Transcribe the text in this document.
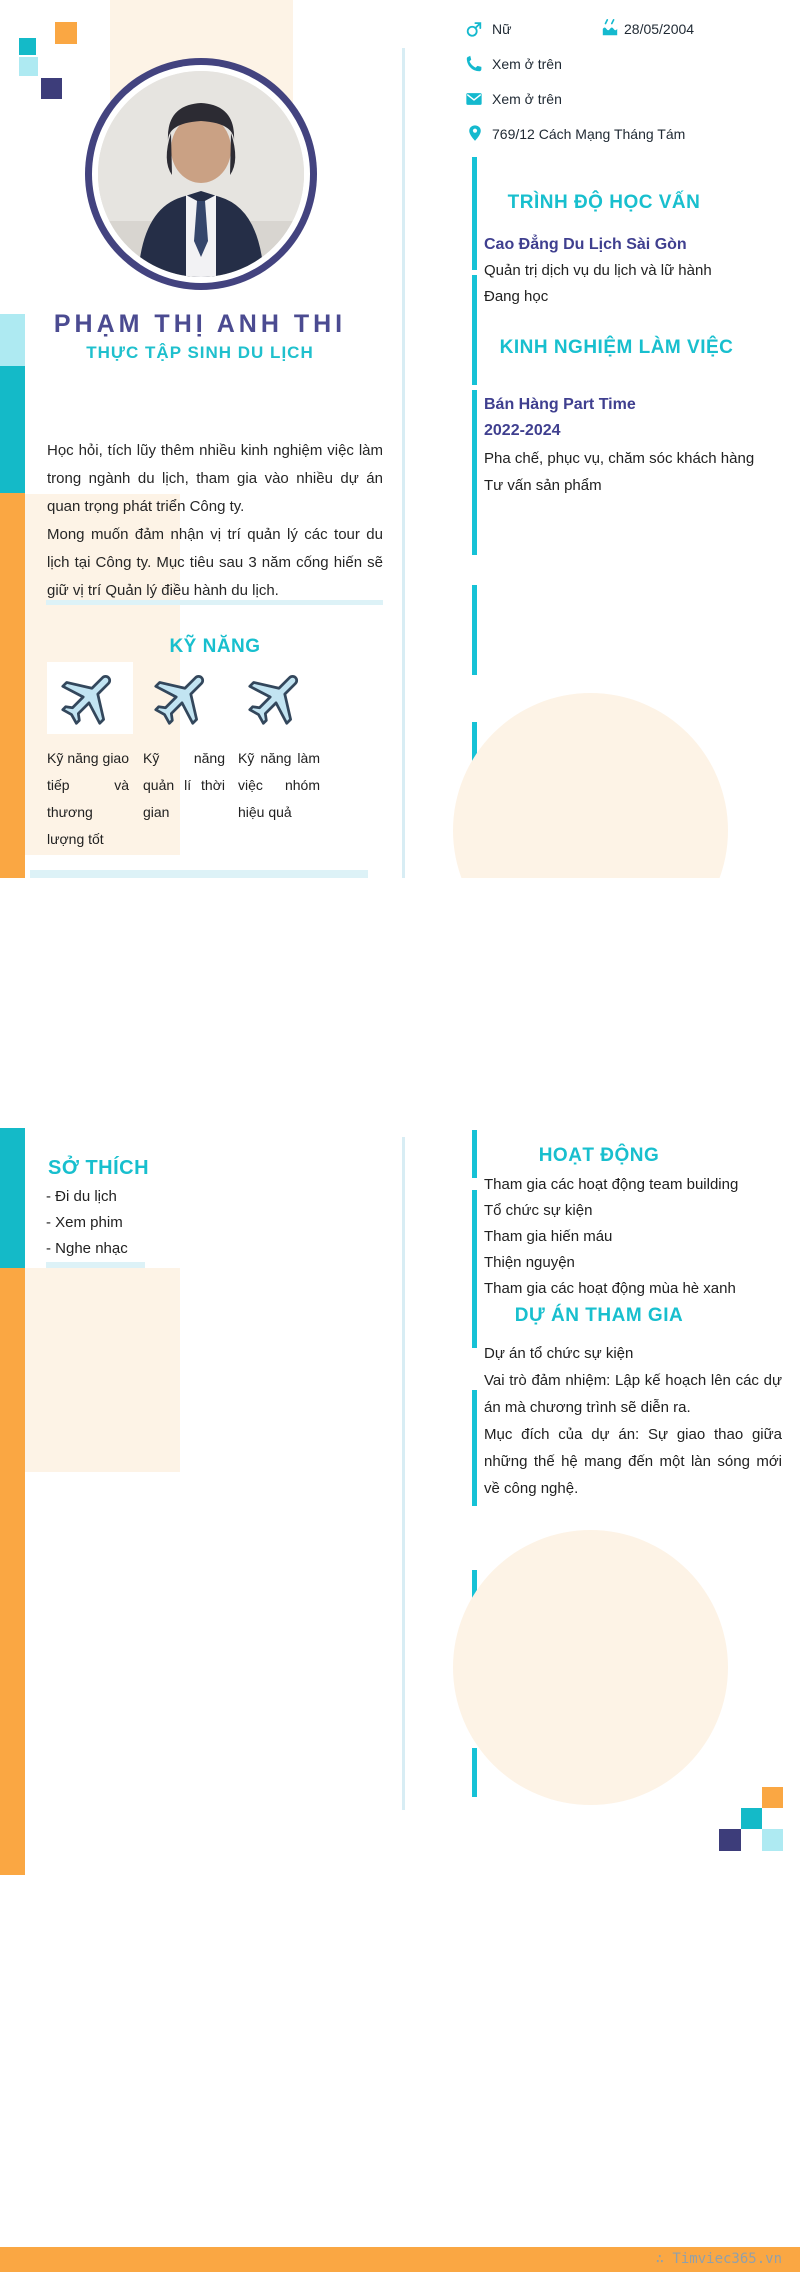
PHẠM THỊ ANH THI
THỰC TẬP SINH DU LỊCH
Học hỏi, tích lũy thêm nhiều kinh nghiệm việc làm trong ngành du lịch, tham gia vào nhiều dự án quan trọng phát triển Công ty.
Mong muốn đảm nhận vị trí quản lý các tour du lịch tại Công ty. Mục tiêu sau 3 năm cống hiến sẽ giữ vị trí Quản lý điều hành du lịch.
KỸ NĂNG
Kỹ năng giao tiếp và thương lượng tốt
Kỹ năng quản lí thời gian
Kỹ năng làm việc nhóm hiệu quả
Nữ	28/05/2004
Xem ở trên
Xem ở trên
769/12 Cách Mạng Tháng Tám
TRÌNH ĐỘ HỌC VẤN
Cao Đẳng Du Lịch Sài Gòn
Quản trị dịch vụ du lịch và lữ hành
Đang học
KINH NGHIỆM LÀM VIỆC
Bán Hàng Part Time
2022-2024
Pha chế, phục vụ, chăm sóc khách hàng
Tư vấn sản phẩm
SỞ THÍCH
- Đi du lịch
- Xem phim
- Nghe nhạc
HOẠT ĐỘNG
Tham gia các hoạt động team building
Tổ chức sự kiện
Tham gia hiến máu
Thiện nguyện
Tham gia các hoạt động mùa hè xanh
DỰ ÁN THAM GIA
Dự án tổ chức sự kiện
Vai trò đảm nhiệm: Lập kế hoạch lên các dự án mà chương trình sẽ diễn ra.
Mục đích của dự án: Sự giao thao giữa những thế hệ mang đến một làn sóng mới về công nghệ.
∴ Timviec365.vn
